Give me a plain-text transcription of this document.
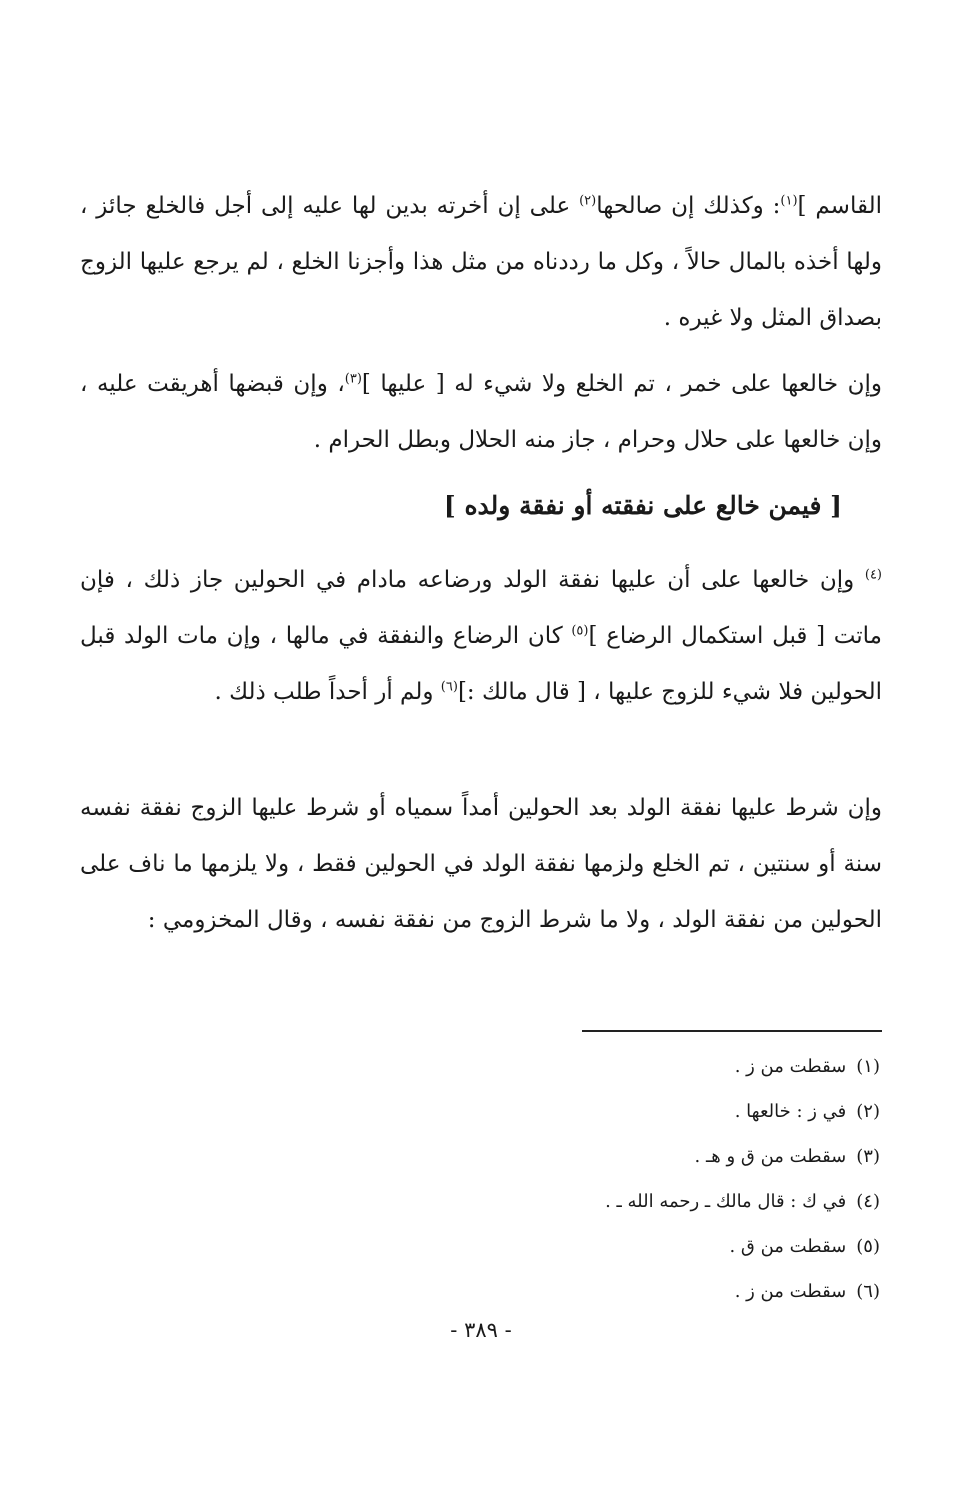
القاسم ]$^{(١)}$: وكذلك إن صالحها$^{(٢)}$ على إن أخرته بدين لها عليه إلى أجل فالخلع جائز ، ولها أخذه بالمال حالاً ، وكل ما رددناه من مثل هذا وأجزنا الخلع ، لم يرجع عليها الزوج بصداق المثل ولا غيره .

وإن خالعها على خمر ، تم الخلع ولا شيء له [ عليها ]$^{(٣)}$، وإن قبضها أهريقت عليه ، وإن خالعها على حلال وحرام ، جاز منه الحلال وبطل الحرام .

[ فيمن خالع على نفقته أو نفقة ولده ]

$^{(٤)}$ وإن خالعها على أن عليها نفقة الولد ورضاعه مادام في الحولين جاز ذلك ، فإن ماتت [ قبل استكمال الرضاع ]$^{(٥)}$ كان الرضاع والنفقة في مالها ، وإن مات الولد قبل الحولين فلا شيء للزوج عليها ، [ قال مالك :]$^{(٦)}$ ولم أر أحداً طلب ذلك .

وإن شرط عليها نفقة الولد بعد الحولين أمداً سمياه أو شرط عليها الزوج نفقة نفسه سنة أو سنتين ، تم الخلع ولزمها نفقة الولد في الحولين فقط ، ولا يلزمها ما ناف على الحولين من نفقة الولد ، ولا ما شرط الزوج من نفقة نفسه ، وقال المخزومي :

(١)
سقطت من ز .
(٢)
في ز : خالعها .
(٣)
سقطت من ق و هـ .
(٤)
في ك : قال مالك ـ رحمه الله ـ .
(٥)
سقطت من ق .
(٦)
سقطت من ز .
- ٣٨٩ -
